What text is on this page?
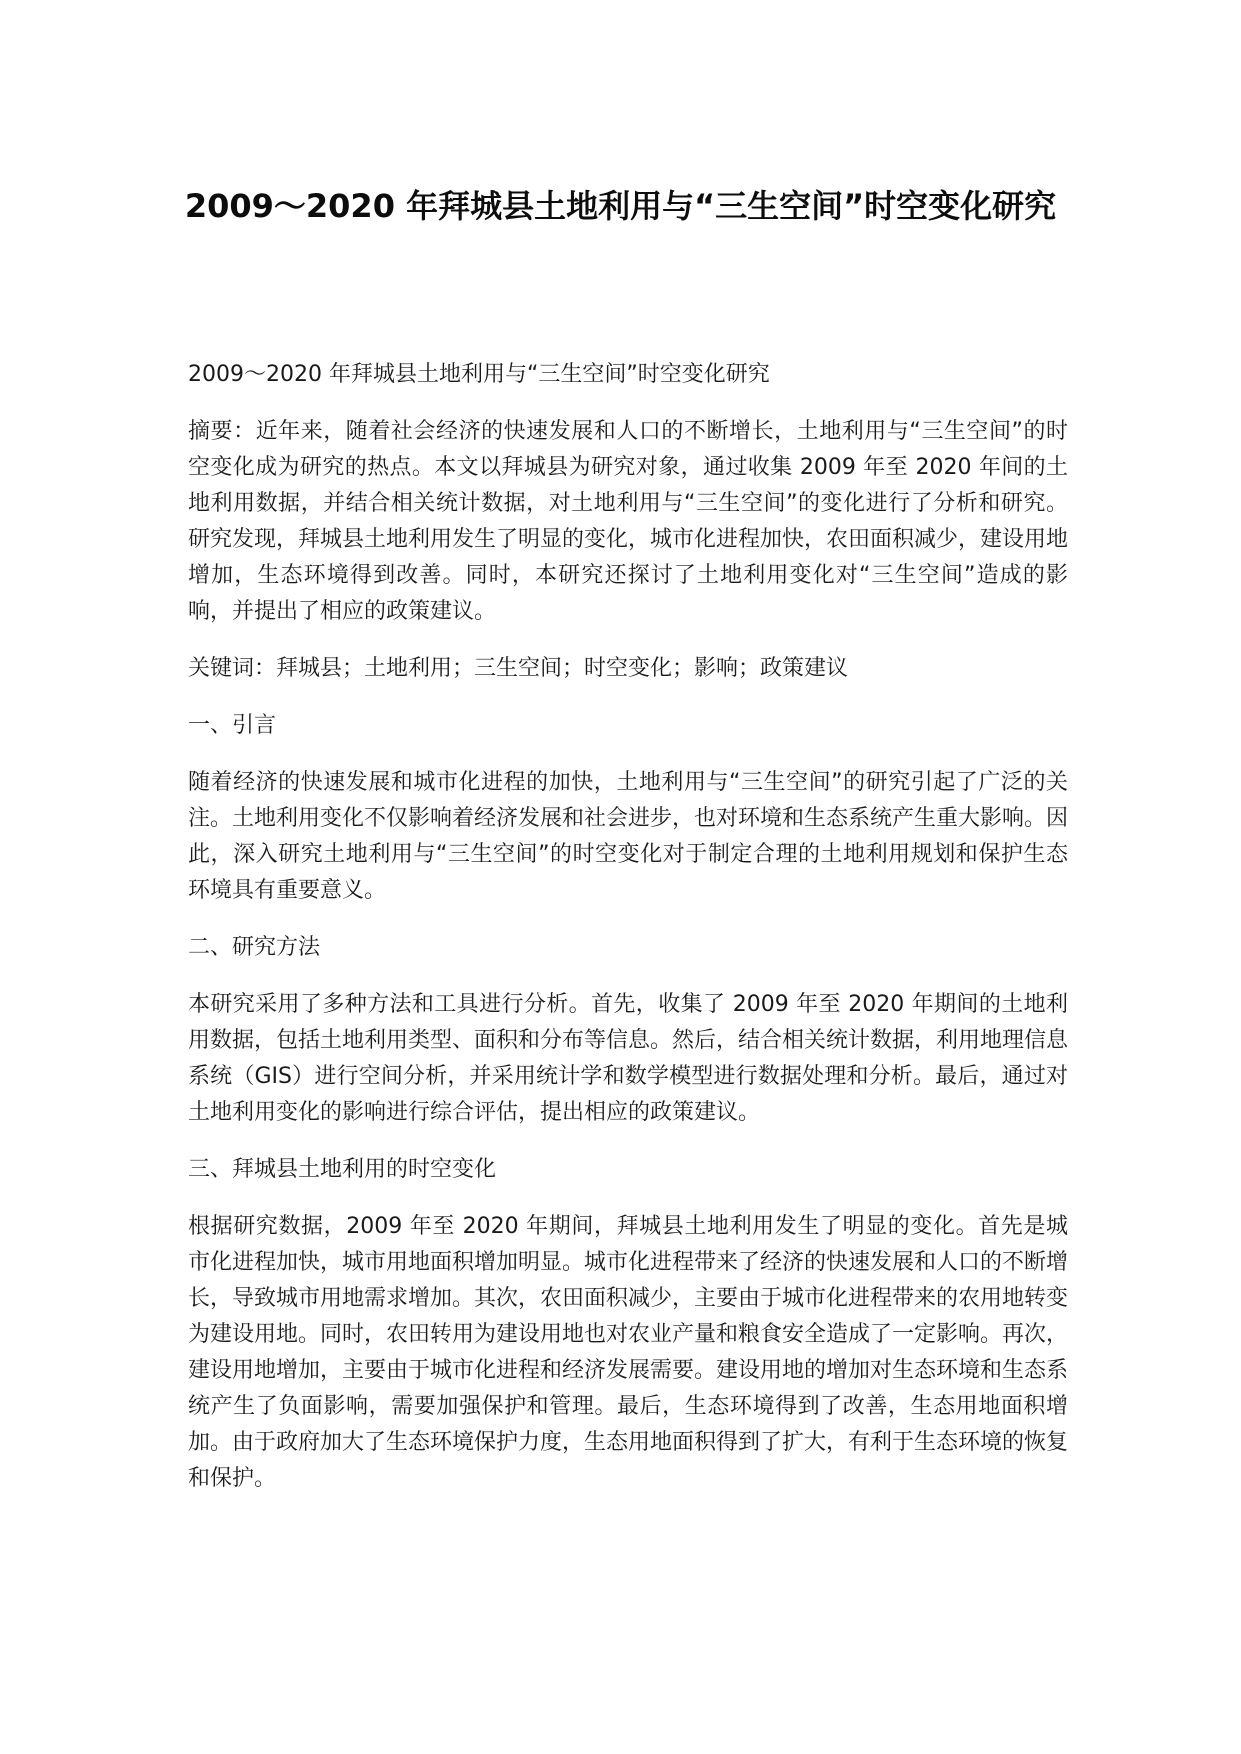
2009～2020 年拜城县土地利用与“三生空间”时空变化研究

2009～2020 年拜城县土地利用与“三生空间”时空变化研究

摘要：近年来，随着社会经济的快速发展和人口的不断增长，土地利用与“三生空间”的时空变化成为研究的热点。本文以拜城县为研究对象，通过收集 2009 年至 2020 年间的土地利用数据，并结合相关统计数据，对土地利用与“三生空间”的变化进行了分析和研究。研究发现，拜城县土地利用发生了明显的变化，城市化进程加快，农田面积减少，建设用地增加，生态环境得到改善。同时，本研究还探讨了土地利用变化对“三生空间”造成的影响，并提出了相应的政策建议。

关键词：拜城县；土地利用；三生空间；时空变化；影响；政策建议

一、引言

随着经济的快速发展和城市化进程的加快，土地利用与“三生空间”的研究引起了广泛的关注。土地利用变化不仅影响着经济发展和社会进步，也对环境和生态系统产生重大影响。因此，深入研究土地利用与“三生空间”的时空变化对于制定合理的土地利用规划和保护生态环境具有重要意义。

二、研究方法

本研究采用了多种方法和工具进行分析。首先，收集了 2009 年至 2020 年期间的土地利用数据，包括土地利用类型、面积和分布等信息。然后，结合相关统计数据，利用地理信息系统（GIS）进行空间分析，并采用统计学和数学模型进行数据处理和分析。最后，通过对土地利用变化的影响进行综合评估，提出相应的政策建议。

三、拜城县土地利用的时空变化

根据研究数据，2009 年至 2020 年期间，拜城县土地利用发生了明显的变化。首先是城市化进程加快，城市用地面积增加明显。城市化进程带来了经济的快速发展和人口的不断增长，导致城市用地需求增加。其次，农田面积减少，主要由于城市化进程带来的农用地转变为建设用地。同时，农田转用为建设用地也对农业产量和粮食安全造成了一定影响。再次，建设用地增加，主要由于城市化进程和经济发展需要。建设用地的增加对生态环境和生态系统产生了负面影响，需要加强保护和管理。最后，生态环境得到了改善，生态用地面积增加。由于政府加大了生态环境保护力度，生态用地面积得到了扩大，有利于生态环境的恢复和保护。
